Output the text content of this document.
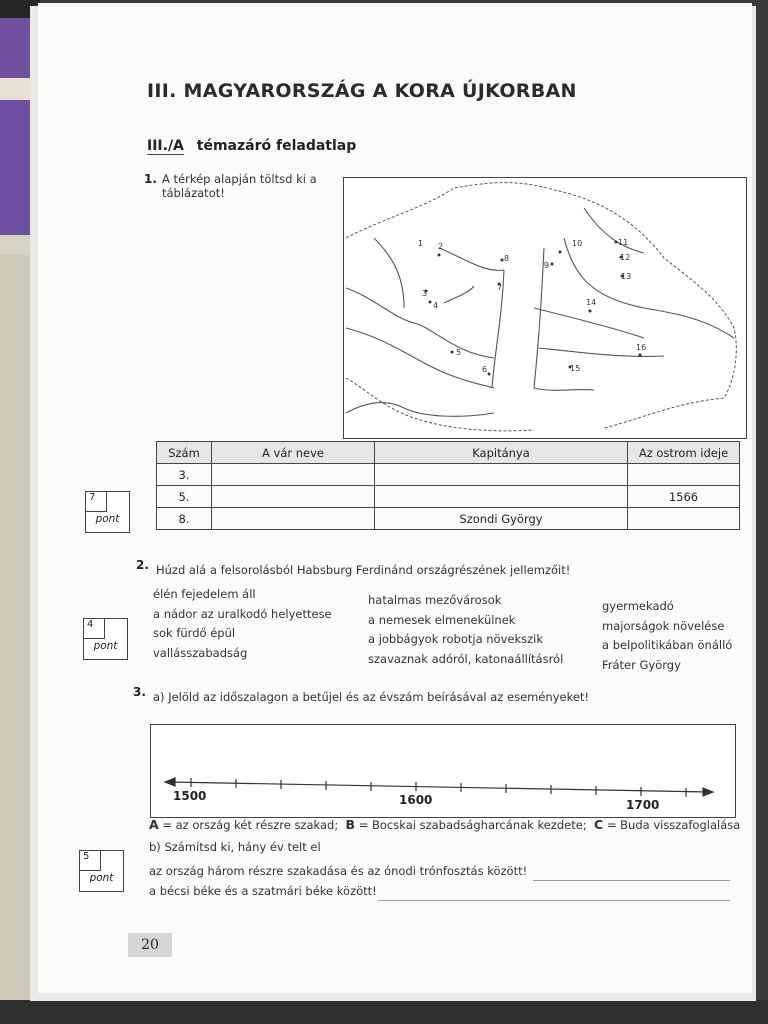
III. MAGYARORSZÁG A KORA ÚJKORBAN
III./A témazáró feladatlap
1. A térkép alapján töltsd ki a táblázatot!
1 2
3
4
5
6
7
8
9
10	11
12
13
14
15
16
Szám	A vár neve	Kapitánya	Az ostrom ideje
3.			
5.			1566
8.		Szondi György	
7
pont
2. Húzd alá a felsorolásból Habsburg Ferdinánd országrészének jellemzőit!
élén fejedelem áll
a nádor az uralkodó helyettese
sok fürdő épül
vallásszabadság
hatalmas mezővárosok
a nemesek elmenekülnek
a jobbágyok robotja növekszik
szavaznak adóról, katonaállításról
gyermekadó
majorságok növelése
a belpolitikában önálló
Fráter György
4
pont
3. a) Jelöld az időszalagon a betűjel és az évszám beírásával az eseményeket!
1500	1600	1700
A = az ország két részre szakad; B = Bocskai szabadságharcának kezdete; C = Buda visszafoglalása
b) Számítsd ki, hány év telt el
az ország három részre szakadása és az ónodi trónfosztás között!
a bécsi béke és a szatmári béke között!
5
pont
20
